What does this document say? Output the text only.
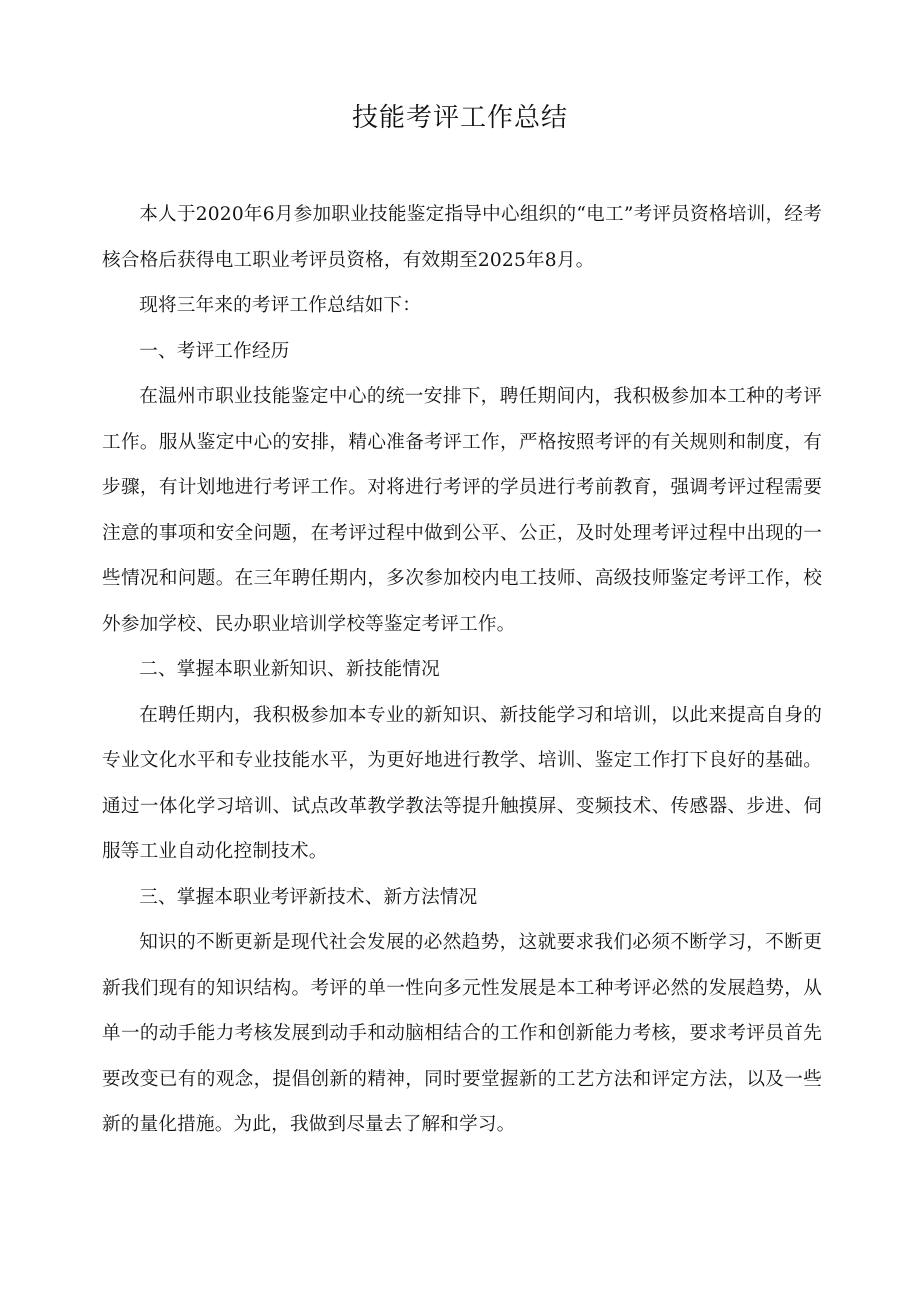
技能考评工作总结

本人于2020年6月参加职业技能鉴定指导中心组织的“电工”考评员资格培训，经考核合格后获得电工职业考评员资格，有效期至2025年8月。

现将三年来的考评工作总结如下：

一、考评工作经历

在温州市职业技能鉴定中心的统一安排下，聘任期间内，我积极参加本工种的考评工作。服从鉴定中心的安排，精心准备考评工作，严格按照考评的有关规则和制度，有步骤，有计划地进行考评工作。对将进行考评的学员进行考前教育，强调考评过程需要注意的事项和安全问题，在考评过程中做到公平、公正，及时处理考评过程中出现的一些情况和问题。在三年聘任期内，多次参加校内电工技师、高级技师鉴定考评工作，校外参加学校、民办职业培训学校等鉴定考评工作。

二、掌握本职业新知识、新技能情况

在聘任期内，我积极参加本专业的新知识、新技能学习和培训，以此来提高自身的专业文化水平和专业技能水平，为更好地进行教学、培训、鉴定工作打下良好的基础。通过一体化学习培训、试点改革教学教法等提升触摸屏、变频技术、传感器、步进、伺服等工业自动化控制技术。

三、掌握本职业考评新技术、新方法情况

知识的不断更新是现代社会发展的必然趋势，这就要求我们必须不断学习，不断更新我们现有的知识结构。考评的单一性向多元性发展是本工种考评必然的发展趋势，从单一的动手能力考核发展到动手和动脑相结合的工作和创新能力考核，要求考评员首先要改变已有的观念，提倡创新的精神，同时要堂握新的工艺方法和评定方法，以及一些新的量化措施。为此，我做到尽量去了解和学习。
